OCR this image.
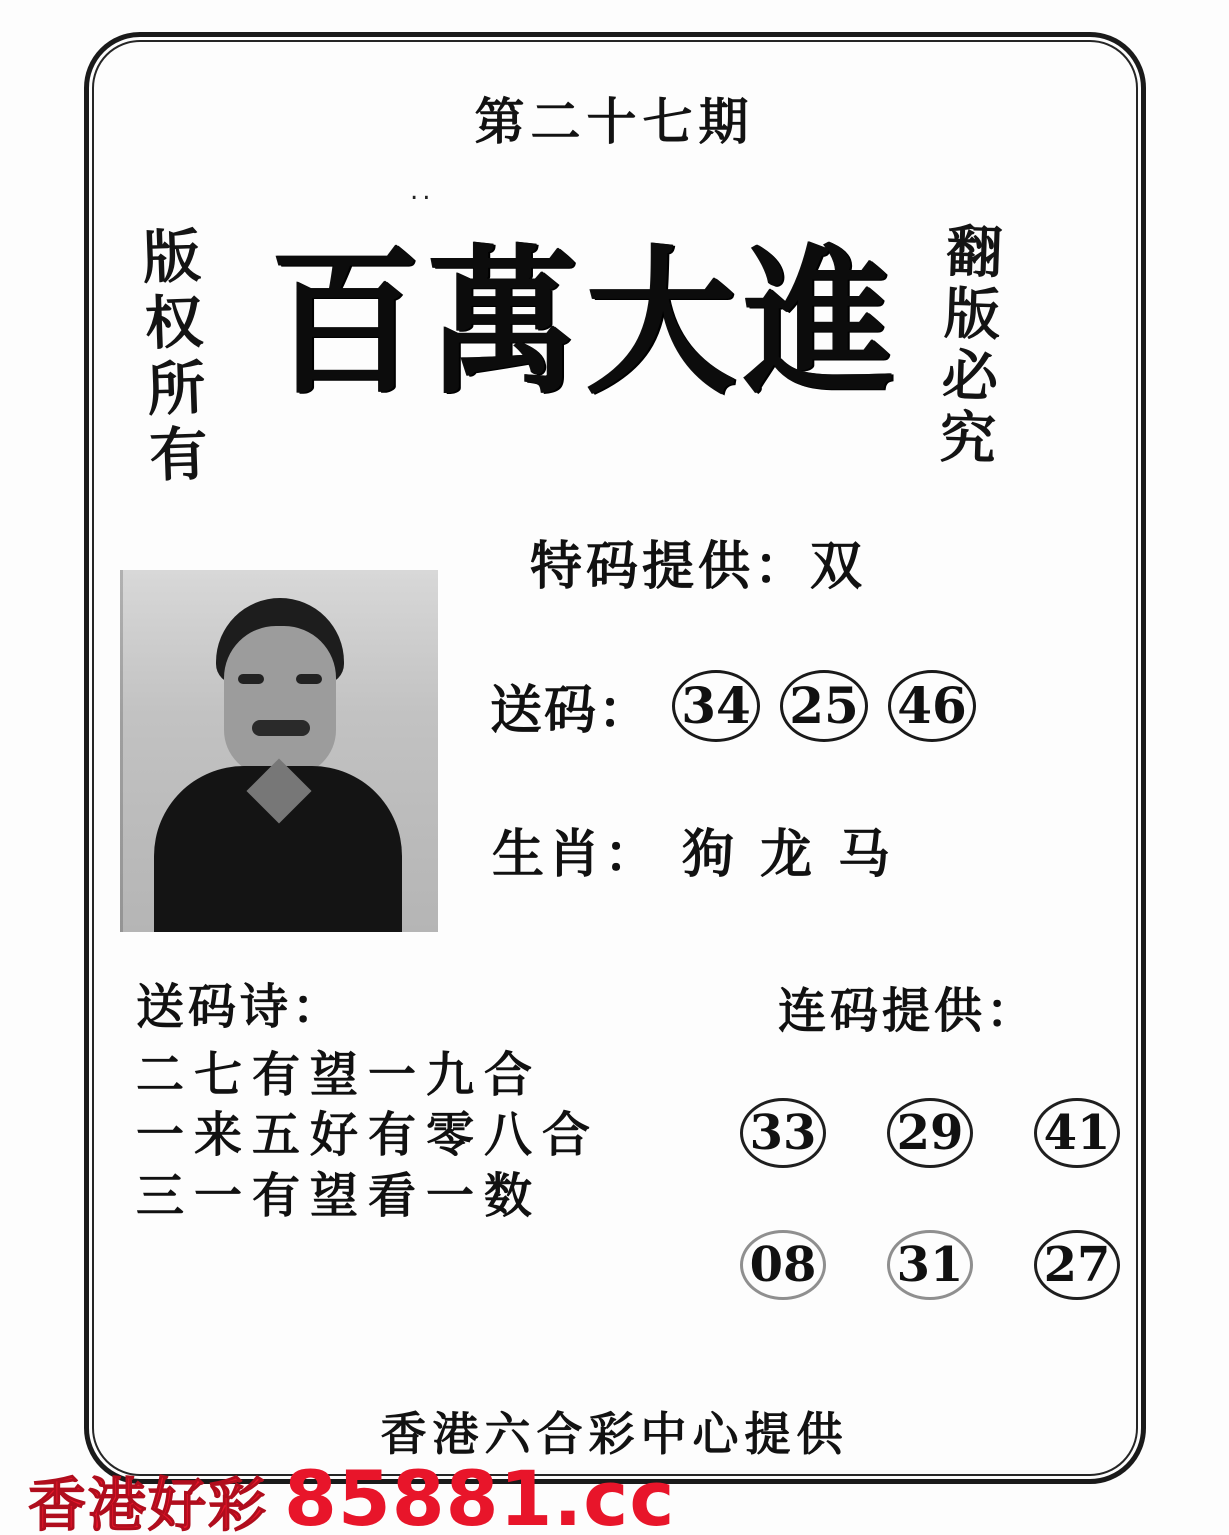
第二十七期
..
版权所有	翻版必究
百萬大進
特码提供：双
送码： 34 25 46
生肖： 狗 龙 马
送码诗：
二七有望一九合
一来五好有零八合
三一有望看一数
连码提供：
33 29 41
08 31 27
香港六合彩中心提供
香港好彩 85881.cc
